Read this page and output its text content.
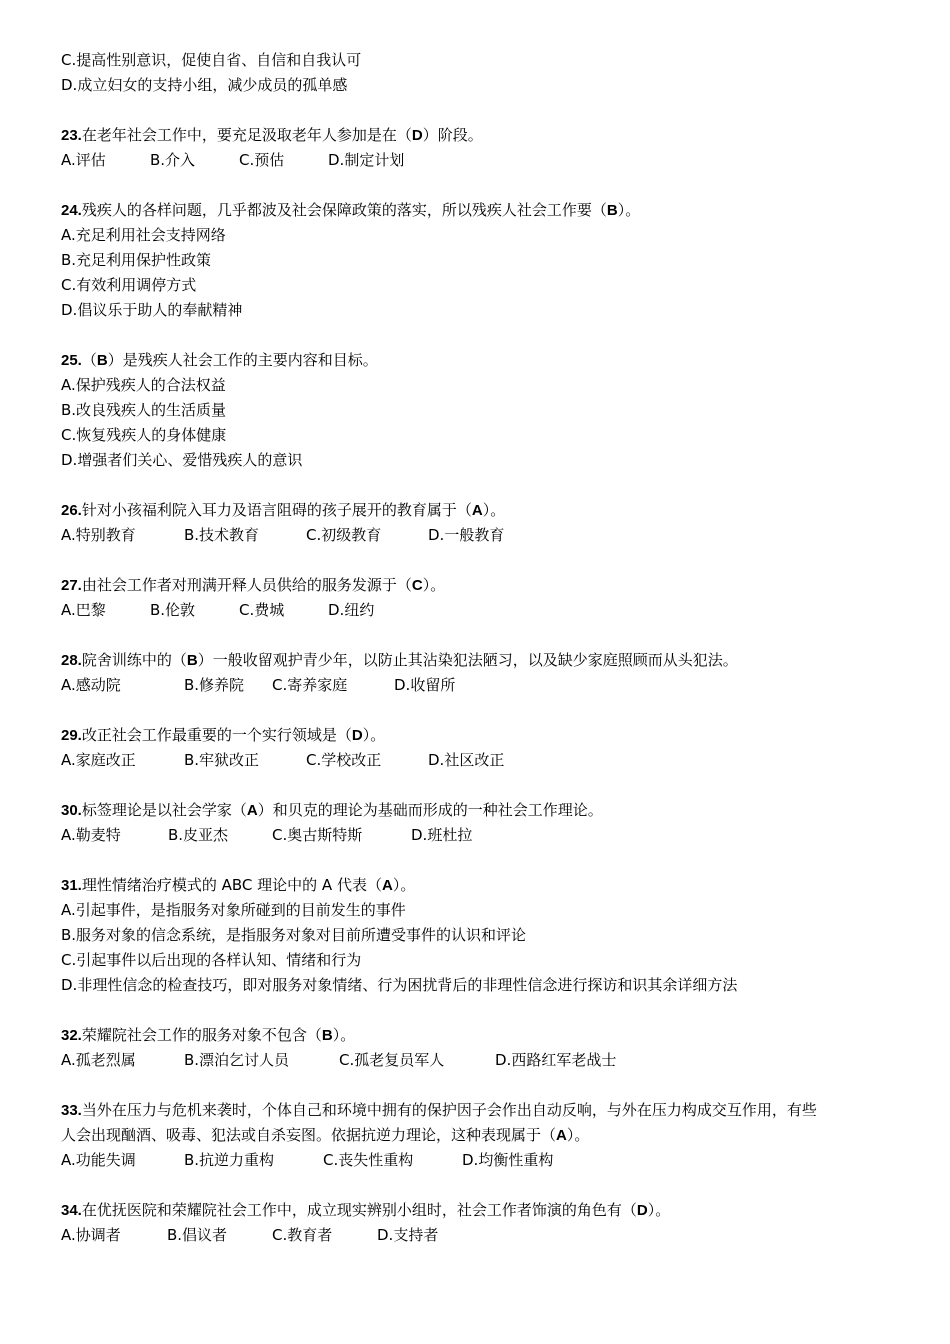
C.提高性别意识，促使自省、自信和自我认可
D.成立妇女的支持小组，减少成员的孤单感
23.在老年社会工作中，要充足汲取老年人参加是在（D）阶段。
A.评估	B.介入	C.预估	D.制定计划
24.残疾人的各样问题，几乎都波及社会保障政策的落实，所以残疾人社会工作要（B）。
A.充足利用社会支持网络
B.充足利用保护性政策
C.有效利用调停方式
D.倡议乐于助人的奉献精神
25.（B）是残疾人社会工作的主要内容和目标。
A.保护残疾人的合法权益
B.改良残疾人的生活质量
C.恢复残疾人的身体健康
D.增强者们关心、爱惜残疾人的意识
26.针对小孩福利院入耳力及语言阻碍的孩子展开的教育属于（A）。
A.特别教育	B.技术教育	C.初级教育	D.一般教育
27.由社会工作者对刑满开释人员供给的服务发源于（C）。
A.巴黎	B.伦敦	C.费城	D.纽约
28.院舍训练中的（B）一般收留观护青少年，以防止其沾染犯法陋习，以及缺少家庭照顾而从头犯法。
A.感动院	B.修养院	C.寄养家庭	D.收留所
29.改正社会工作最重要的一个实行领域是（D）。
A.家庭改正	B.牢狱改正	C.学校改正	D.社区改正
30.标签理论是以社会学家（A）和贝克的理论为基础而形成的一种社会工作理论。
A.勒麦特	B.皮亚杰	C.奥古斯特斯	D.班杜拉
31.理性情绪治疗模式的 ABC 理论中的 A 代表（A）。
A.引起事件，是指服务对象所碰到的目前发生的事件
B.服务对象的信念系统，是指服务对象对目前所遭受事件的认识和评论
C.引起事件以后出现的各样认知、情绪和行为
D.非理性信念的检查技巧，即对服务对象情绪、行为困扰背后的非理性信念进行探访和识其余详细方法
32.荣耀院社会工作的服务对象不包含（B）。
A.孤老烈属	B.漂泊乞讨人员	C.孤老复员军人	D.西路红军老战士
33.当外在压力与危机来袭时，个体自己和环境中拥有的保护因子会作出自动反响，与外在压力构成交互作用，有些
人会出现酗酒、吸毒、犯法或自杀妄图。依据抗逆力理论，这种表现属于（A）。
A.功能失调	B.抗逆力重构	C.丧失性重构	D.均衡性重构
34.在优抚医院和荣耀院社会工作中，成立现实辨别小组时，社会工作者饰演的角色有（D）。
A.协调者	B.倡议者	C.教育者	D.支持者
